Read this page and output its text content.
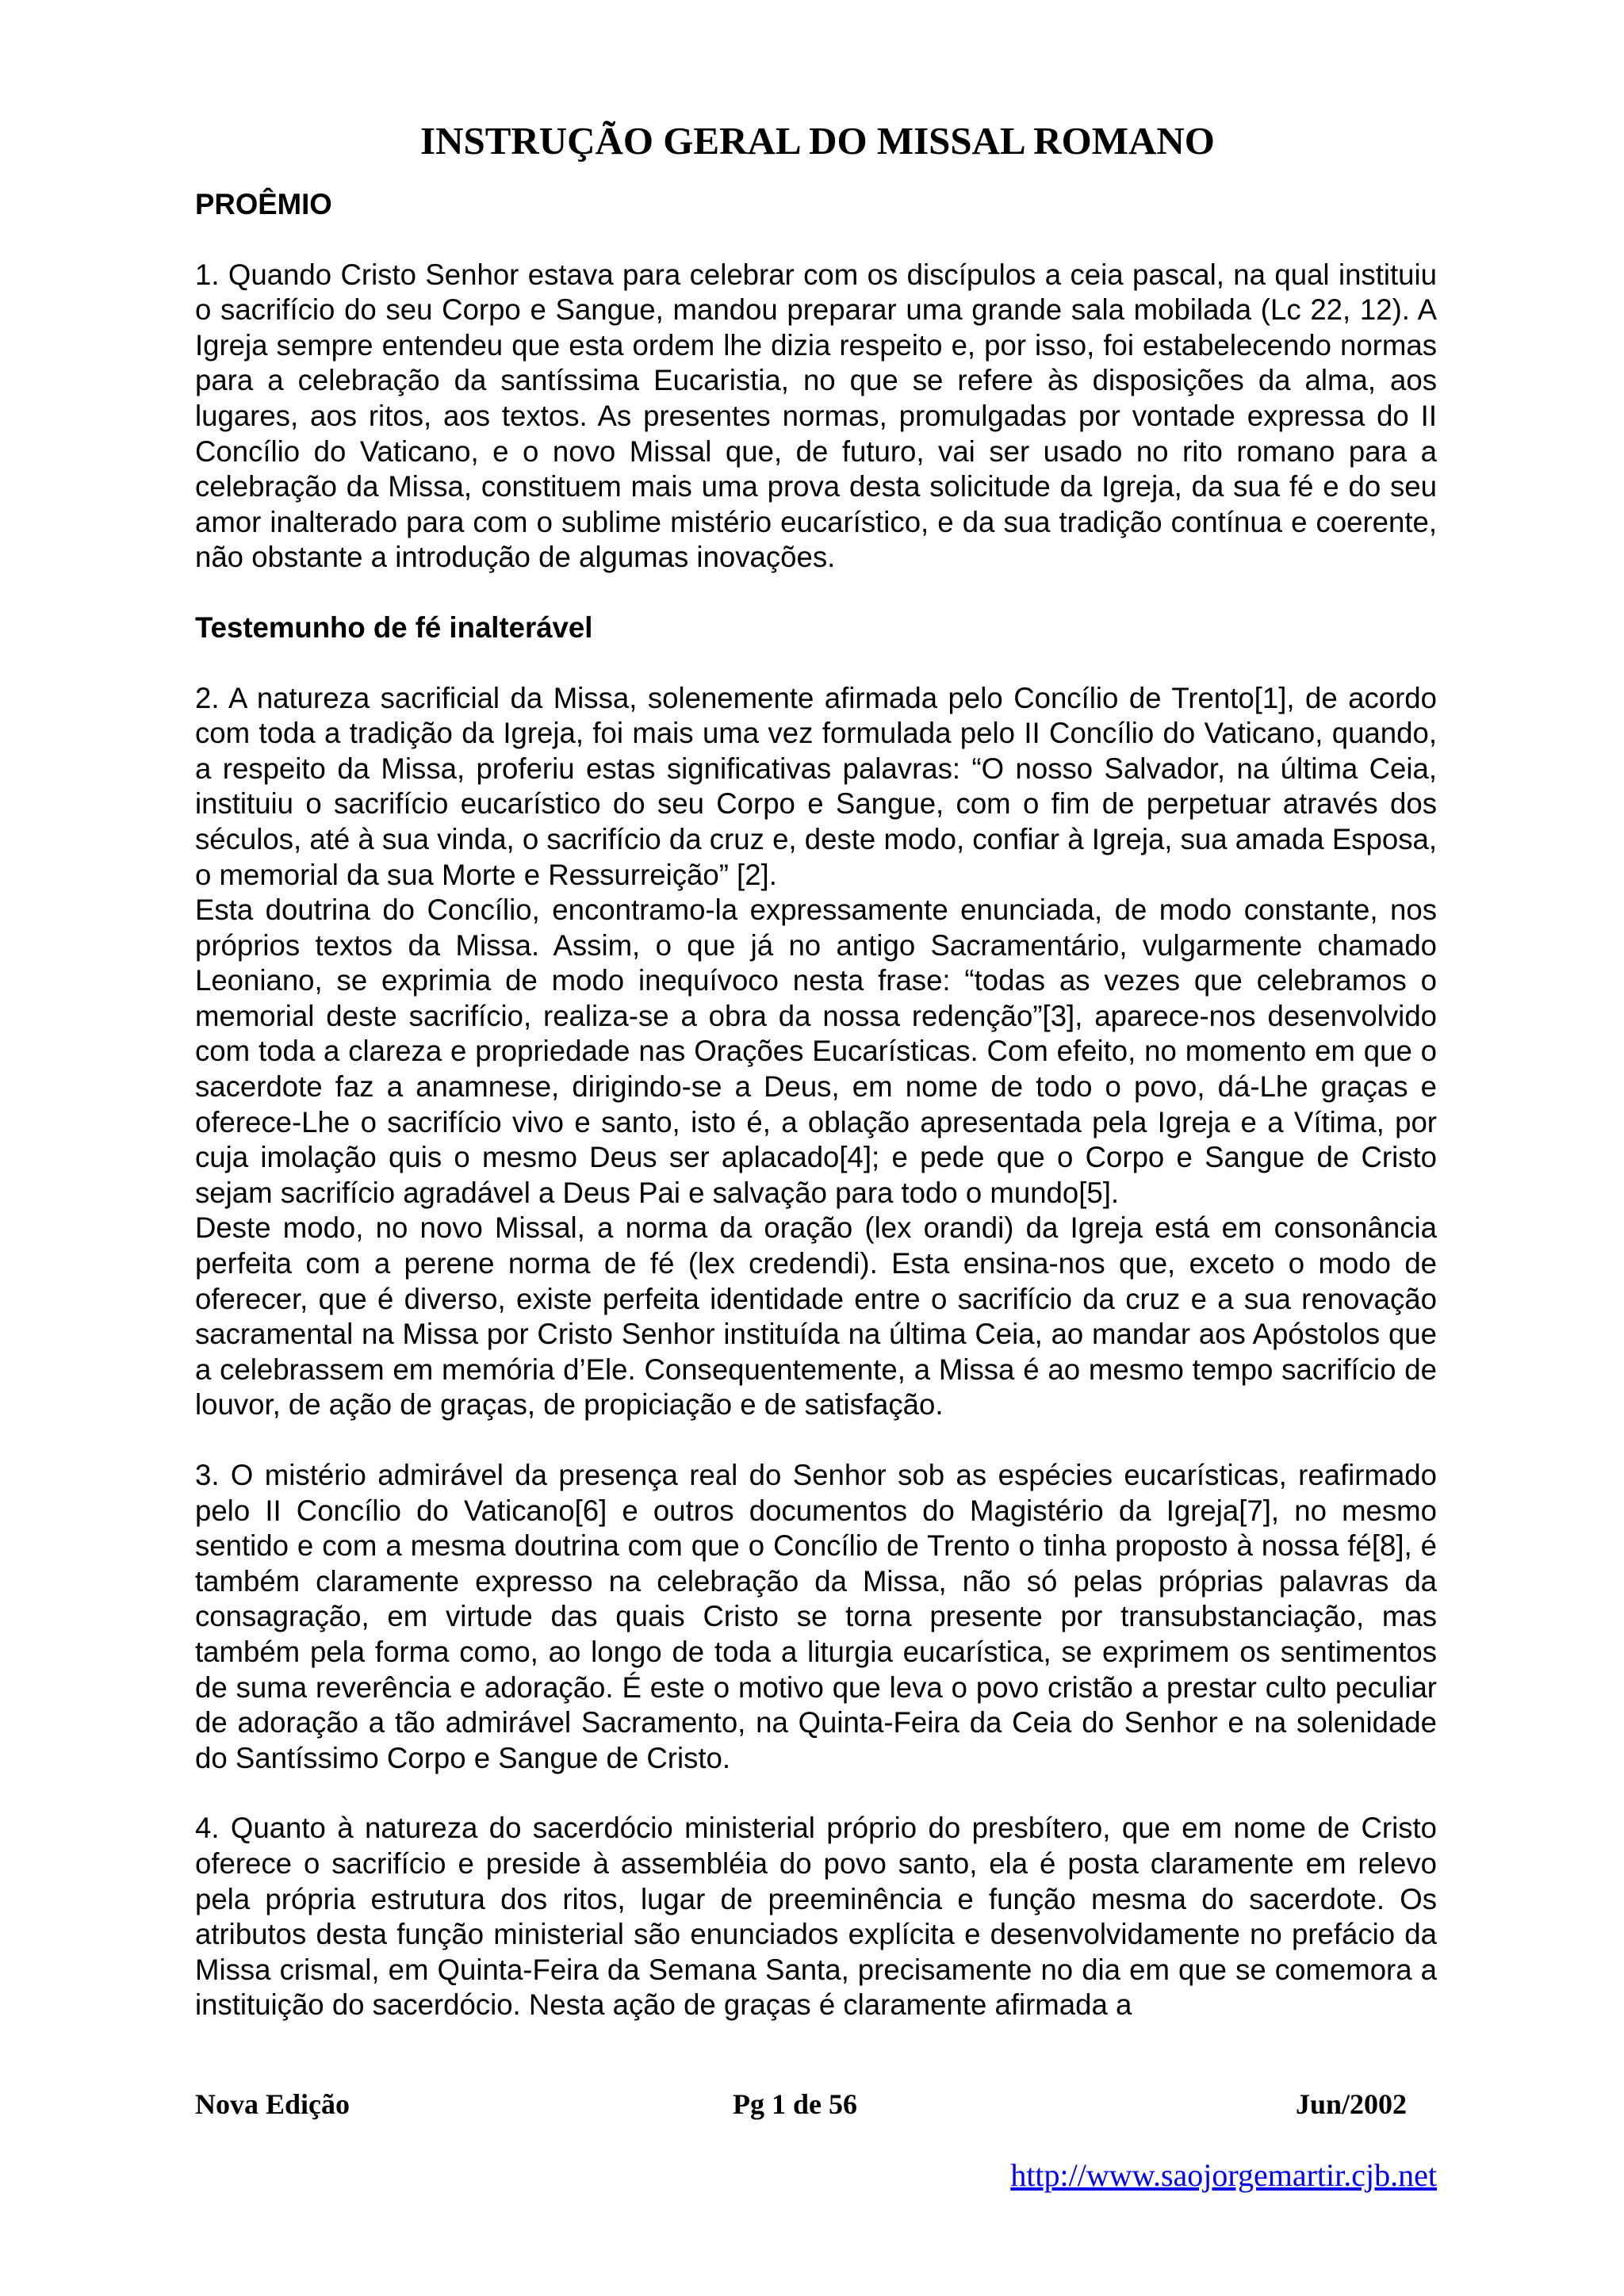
INSTRUÇÃO GERAL DO MISSAL ROMANO

PROÊMIO

1. Quando Cristo Senhor estava para celebrar com os discípulos a ceia pascal, na qual instituiu o sacrifício do seu Corpo e Sangue, mandou preparar uma grande sala mobilada (Lc 22, 12). A Igreja sempre entendeu que esta ordem lhe dizia respeito e, por isso, foi estabelecendo normas para a celebração da santíssima Eucaristia, no que se refere às disposições da alma, aos lugares, aos ritos, aos textos. As presentes normas, promulgadas por vontade expressa do II Concílio do Vaticano, e o novo Missal que, de futuro, vai ser usado no rito romano para a celebração da Missa, constituem mais uma prova desta solicitude da Igreja, da sua fé e do seu amor inalterado para com o sublime mistério eucarístico, e da sua tradição contínua e coerente, não obstante a introdução de algumas inovações.

Testemunho de fé inalterável

2. A natureza sacrificial da Missa, solenemente afirmada pelo Concílio de Trento[1], de acordo com toda a tradição da Igreja, foi mais uma vez formulada pelo II Concílio do Vaticano, quando, a respeito da Missa, proferiu estas significativas palavras: “O nosso Salvador, na última Ceia, instituiu o sacrifício eucarístico do seu Corpo e Sangue, com o fim de perpetuar através dos séculos, até à sua vinda, o sacrifício da cruz e, deste modo, confiar à Igreja, sua amada Esposa, o memorial da sua Morte e Ressurreição” [2].

Esta doutrina do Concílio, encontramo-la expressamente enunciada, de modo constante, nos próprios textos da Missa. Assim, o que já no antigo Sacramentário, vulgarmente chamado Leoniano, se exprimia de modo inequívoco nesta frase: “todas as vezes que celebramos o memorial deste sacrifício, realiza-se a obra da nossa redenção”[3], aparece-nos desenvolvido com toda a clareza e propriedade nas Orações Eucarísticas. Com efeito, no momento em que o sacerdote faz a anamnese, dirigindo-se a Deus, em nome de todo o povo, dá-Lhe graças e oferece-Lhe o sacrifício vivo e santo, isto é, a oblação apresentada pela Igreja e a Vítima, por cuja imolação quis o mesmo Deus ser aplacado[4]; e pede que o Corpo e Sangue de Cristo sejam sacrifício agradável a Deus Pai e salvação para todo o mundo[5].

Deste modo, no novo Missal, a norma da oração (lex orandi) da Igreja está em consonância perfeita com a perene norma de fé (lex credendi). Esta ensina-nos que, exceto o modo de oferecer, que é diverso, existe perfeita identidade entre o sacrifício da cruz e a sua renovação sacramental na Missa por Cristo Senhor instituída na última Ceia, ao mandar aos Apóstolos que a celebrassem em memória d’Ele. Consequentemente, a Missa é ao mesmo tempo sacrifício de louvor, de ação de graças, de propiciação e de satisfação.

3. O mistério admirável da presença real do Senhor sob as espécies eucarísticas, reafirmado pelo II Concílio do Vaticano[6] e outros documentos do Magistério da Igreja[7], no mesmo sentido e com a mesma doutrina com que o Concílio de Trento o tinha proposto à nossa fé[8], é também claramente expresso na celebração da Missa, não só pelas próprias palavras da consagração, em virtude das quais Cristo se torna presente por transubstanciação, mas também pela forma como, ao longo de toda a liturgia eucarística, se exprimem os sentimentos de suma reverência e adoração. É este o motivo que leva o povo cristão a prestar culto peculiar de adoração a tão admirável Sacramento, na Quinta-Feira da Ceia do Senhor e na solenidade do Santíssimo Corpo e Sangue de Cristo.

4. Quanto à natureza do sacerdócio ministerial próprio do presbítero, que em nome de Cristo oferece o sacrifício e preside à assembléia do povo santo, ela é posta claramente em relevo pela própria estrutura dos ritos, lugar de preeminência e função mesma do sacerdote. Os atributos desta função ministerial são enunciados explícita e desenvolvidamente no prefácio da Missa crismal, em Quinta-Feira da Semana Santa, precisamente no dia em que se comemora a instituição do sacerdócio. Nesta ação de graças é claramente afirmada a

Nova Edição	Pg 1 de 56	Jun/2002
http://www.saojorgemartir.cjb.net
